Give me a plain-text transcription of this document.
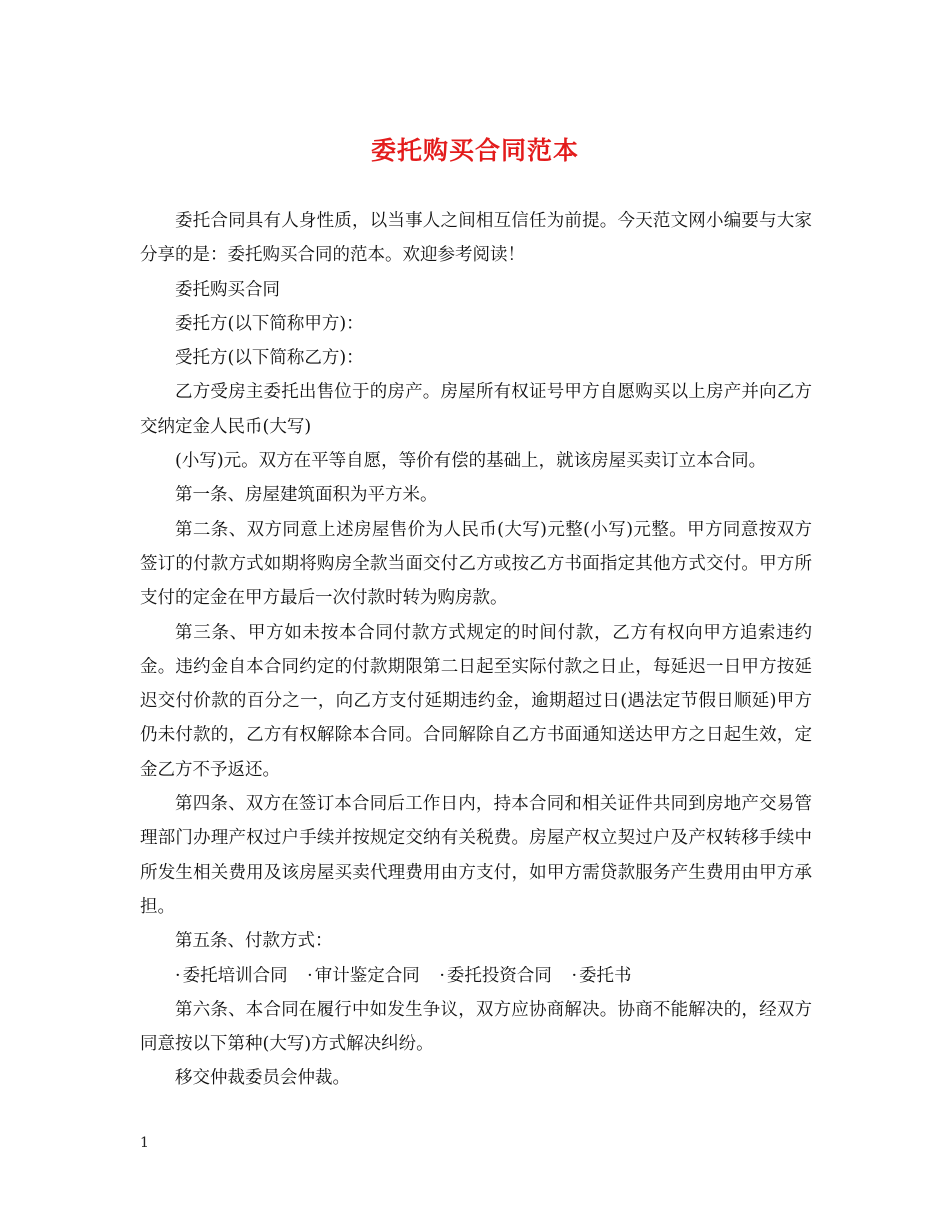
委托购买合同范本

委托合同具有人身性质，以当事人之间相互信任为前提。今天范文网小编要与大家分享的是：委托购买合同的范本。欢迎参考阅读！

委托购买合同

委托方(以下简称甲方)：

受托方(以下简称乙方)：

乙方受房主委托出售位于的房产。房屋所有权证号甲方自愿购买以上房产并向乙方交纳定金人民币(大写)

(小写)元。双方在平等自愿，等价有偿的基础上，就该房屋买卖订立本合同。

第一条、房屋建筑面积为平方米。

第二条、双方同意上述房屋售价为人民币(大写)元整(小写)元整。甲方同意按双方签订的付款方式如期将购房全款当面交付乙方或按乙方书面指定其他方式交付。甲方所支付的定金在甲方最后一次付款时转为购房款。

第三条、甲方如未按本合同付款方式规定的时间付款，乙方有权向甲方追索违约金。违约金自本合同约定的付款期限第二日起至实际付款之日止，每延迟一日甲方按延迟交付价款的百分之一，向乙方支付延期违约金，逾期超过日(遇法定节假日顺延)甲方仍未付款的，乙方有权解除本合同。合同解除自乙方书面通知送达甲方之日起生效，定金乙方不予返还。

第四条、双方在签订本合同后工作日内，持本合同和相关证件共同到房地产交易管理部门办理产权过户手续并按规定交纳有关税费。房屋产权立契过户及产权转移手续中所发生相关费用及该房屋买卖代理费用由方支付，如甲方需贷款服务产生费用由甲方承担。

第五条、付款方式：

· 委托培训合同 · 审计鉴定合同 · 委托投资合同 · 委托书

第六条、本合同在履行中如发生争议，双方应协商解决。协商不能解决的，经双方同意按以下第种(大写)方式解决纠纷。

移交仲裁委员会仲裁。

1
